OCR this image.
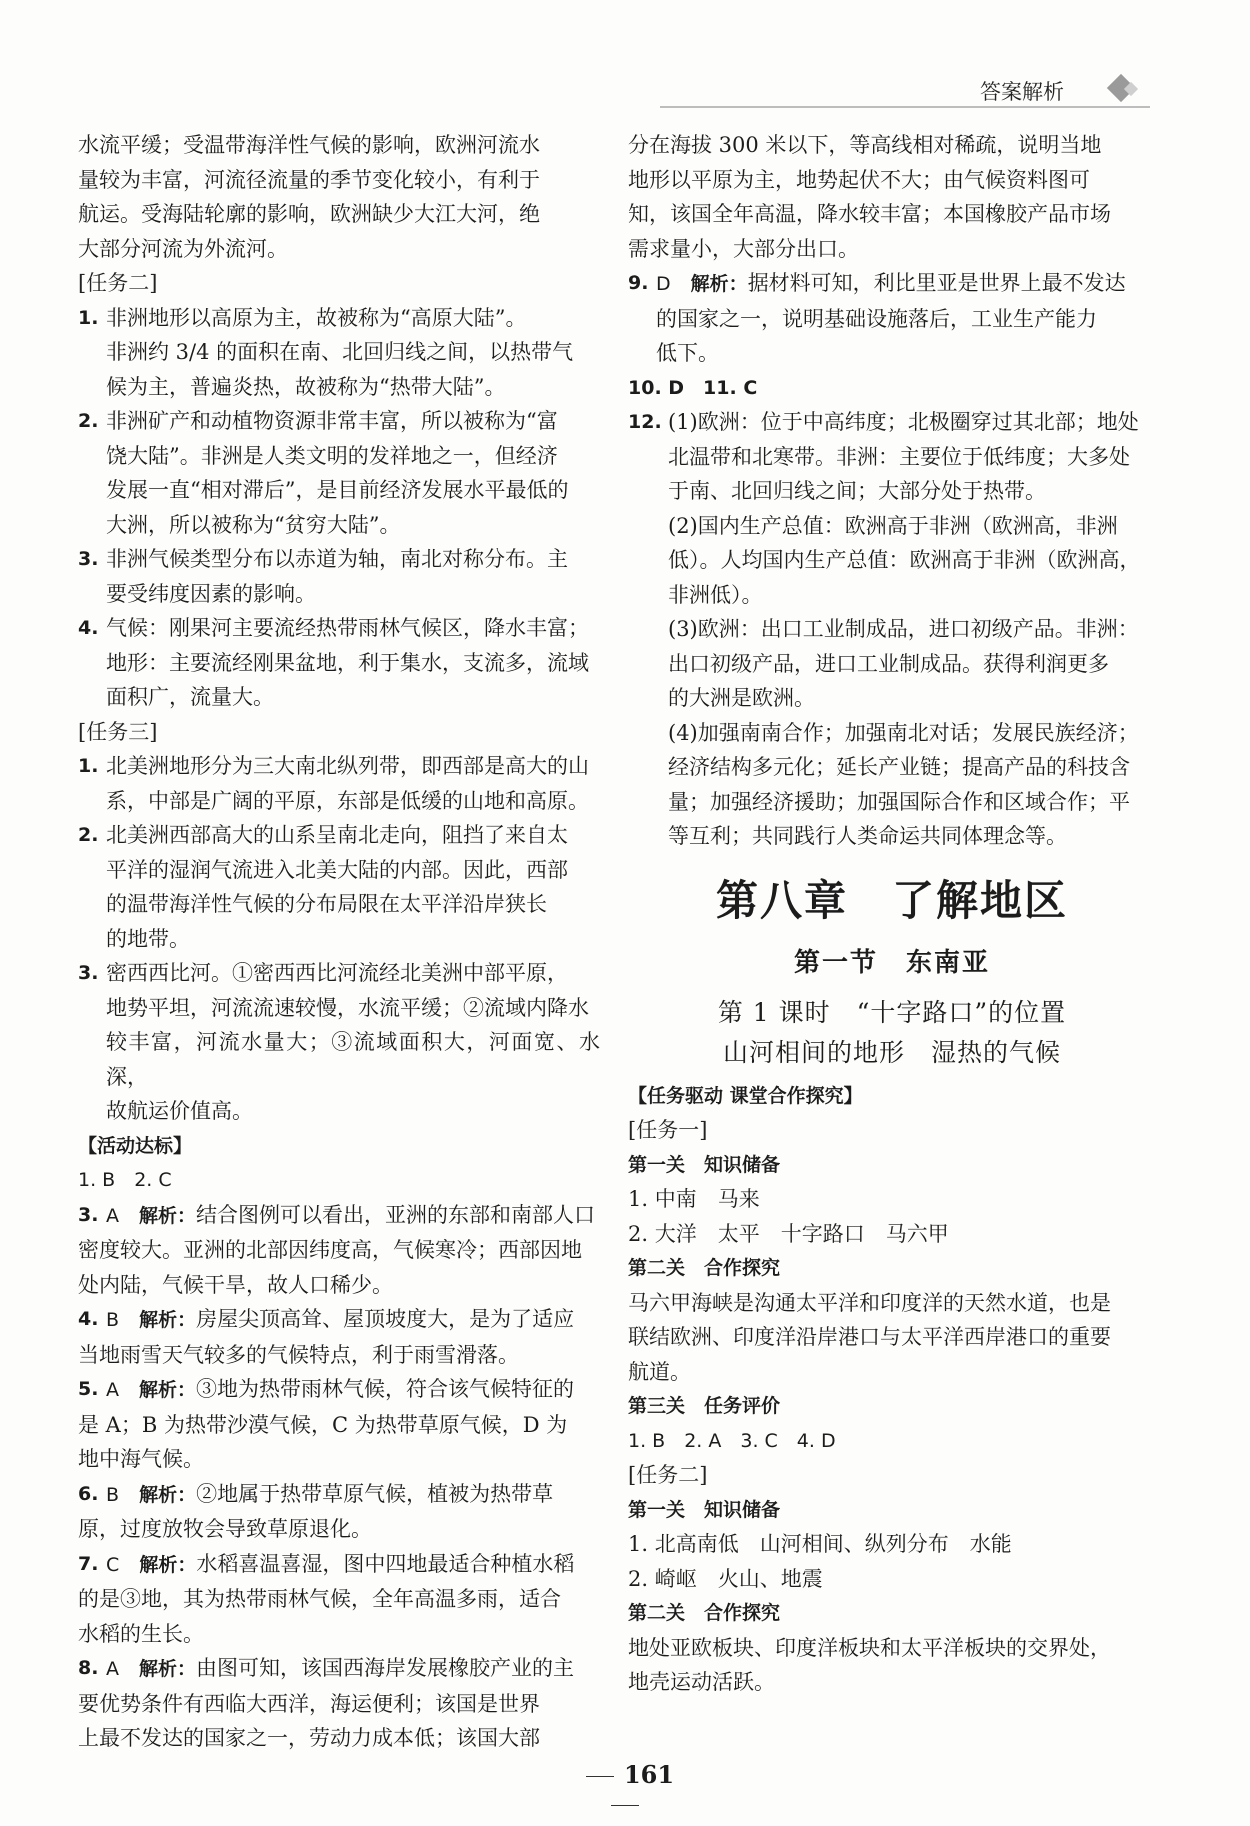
答案解析

水流平缓；受温带海洋性气候的影响，欧洲河流水

量较为丰富，河流径流量的季节变化较小，有利于

航运。受海陆轮廓的影响，欧洲缺少大江大河，绝

大部分河流为外流河。

[任务二]

1. 非洲地形以高原为主，故被称为“高原大陆”。

非洲约 3/4 的面积在南、北回归线之间，以热带气

候为主，普遍炎热，故被称为“热带大陆”。

2. 非洲矿产和动植物资源非常丰富，所以被称为“富

饶大陆”。非洲是人类文明的发祥地之一，但经济

发展一直“相对滞后”，是目前经济发展水平最低的

大洲，所以被称为“贫穷大陆”。

3. 非洲气候类型分布以赤道为轴，南北对称分布。主

要受纬度因素的影响。

4. 气候：刚果河主要流经热带雨林气候区，降水丰富；

地形：主要流经刚果盆地，利于集水，支流多，流域

面积广，流量大。

[任务三]

1. 北美洲地形分为三大南北纵列带，即西部是高大的山

系，中部是广阔的平原，东部是低缓的山地和高原。

2. 北美洲西部高大的山系呈南北走向，阻挡了来自太

平洋的湿润气流进入北美大陆的内部。因此，西部

的温带海洋性气候的分布局限在太平洋沿岸狭长

的地带。

3. 密西西比河。①密西西比河流经北美洲中部平原，

地势平坦，河流流速较慢，水流平缓；②流域内降水

较丰富，河流水量大；③流域面积大，河面宽、水深，

故航运价值高。

【活动达标】

1. B　2. C

3. A 解析：结合图例可以看出，亚洲的东部和南部人口

密度较大。亚洲的北部因纬度高，气候寒冷；西部因地

处内陆，气候干旱，故人口稀少。

4. B 解析：房屋尖顶高耸、屋顶坡度大，是为了适应

当地雨雪天气较多的气候特点，利于雨雪滑落。

5. A 解析：③地为热带雨林气候，符合该气候特征的

是 A；B 为热带沙漠气候，C 为热带草原气候，D 为

地中海气候。

6. B 解析：②地属于热带草原气候，植被为热带草

原，过度放牧会导致草原退化。

7. C 解析：水稻喜温喜湿，图中四地最适合种植水稻

的是③地，其为热带雨林气候，全年高温多雨，适合

水稻的生长。

8. A 解析：由图可知，该国西海岸发展橡胶产业的主

要优势条件有西临大西洋，海运便利；该国是世界

上最不发达的国家之一，劳动力成本低；该国大部

分在海拔 300 米以下，等高线相对稀疏，说明当地

地形以平原为主，地势起伏不大；由气候资料图可

知，该国全年高温，降水较丰富；本国橡胶产品市场

需求量小，大部分出口。

9. D 解析：据材料可知，利比里亚是世界上最不发达

的国家之一，说明基础设施落后，工业生产能力

低下。

10. D　11. C

12. (1)欧洲：位于中高纬度；北极圈穿过其北部；地处

北温带和北寒带。非洲：主要位于低纬度；大多处

于南、北回归线之间；大部分处于热带。

(2)国内生产总值：欧洲高于非洲（欧洲高，非洲

低）。人均国内生产总值：欧洲高于非洲（欧洲高，

非洲低）。

(3)欧洲：出口工业制成品，进口初级产品。非洲：

出口初级产品，进口工业制成品。获得利润更多

的大洲是欧洲。

(4)加强南南合作；加强南北对话；发展民族经济；

经济结构多元化；延长产业链；提高产品的科技含

量；加强经济援助；加强国际合作和区域合作；平

等互利；共同践行人类命运共同体理念等。

第八章　了解地区

第一节　东南亚

第 1 课时　“十字路口”的位置

山河相间的地形　湿热的气候

【任务驱动 课堂合作探究】

[任务一]

第一关　知识储备

1. 中南　马来

2. 大洋　太平　十字路口　马六甲

第二关　合作探究

马六甲海峡是沟通太平洋和印度洋的天然水道，也是

联结欧洲、印度洋沿岸港口与太平洋西岸港口的重要

航道。

第三关　任务评价

1. B　2. A　3. C　4. D

[任务二]

第一关　知识储备

1. 北高南低　山河相间、纵列分布　水能

2. 崎岖　火山、地震

第二关　合作探究

地处亚欧板块、印度洋板块和太平洋板块的交界处，

地壳运动活跃。

161
